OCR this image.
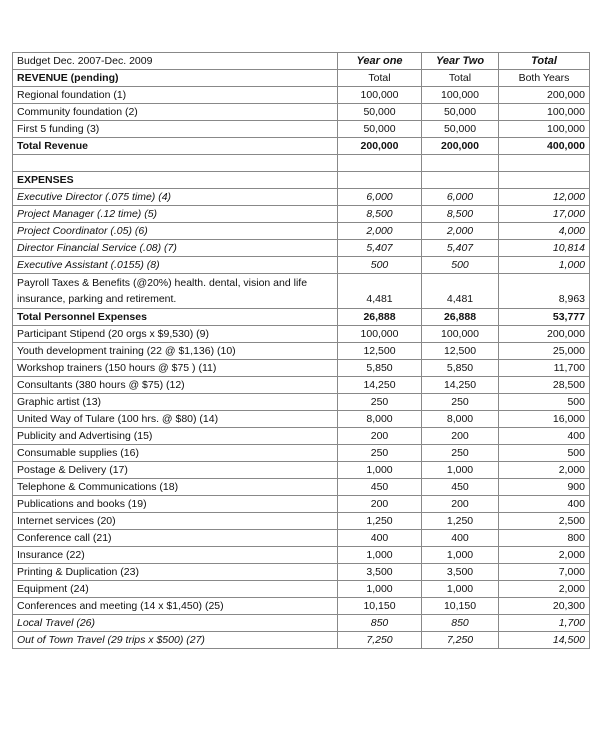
Budget Dec. 2007-Dec. 2009	Year one	Year Two	Total
REVENUE (pending)	Total	Total	Both Years
Regional foundation (1)	100,000	100,000	200,000
Community foundation (2)	50,000	50,000	100,000
First 5 funding (3)	50,000	50,000	100,000
Total Revenue	200,000	200,000	400,000

EXPENSES			
Executive Director (.075 time) (4)	6,000	6,000	12,000
Project Manager (.12 time) (5)	8,500	8,500	17,000
Project Coordinator (.05) (6)	2,000	2,000	4,000
Director Financial Service (.08) (7)	5,407	5,407	10,814
Executive Assistant (.0155) (8)	500	500	1,000
Payroll Taxes & Benefits (@20%) health. dental, vision and life insurance, parking and retirement.	4,481	4,481	8,963
Total Personnel Expenses	26,888	26,888	53,777
Participant Stipend (20 orgs x $9,530) (9)	100,000	100,000	200,000
Youth development training (22 @ $1,136) (10)	12,500	12,500	25,000
Workshop trainers (150 hours @ $75 ) (11)	5,850	5,850	11,700
Consultants (380 hours @ $75) (12)	14,250	14,250	28,500
Graphic artist (13)	250	250	500
United Way of Tulare (100 hrs. @ $80) (14)	8,000	8,000	16,000
Publicity and Advertising (15)	200	200	400
Consumable supplies (16)	250	250	500
Postage & Delivery (17)	1,000	1,000	2,000
Telephone & Communications (18)	450	450	900
Publications and books (19)	200	200	400
Internet services (20)	1,250	1,250	2,500
Conference call (21)	400	400	800
Insurance (22)	1,000	1,000	2,000
Printing & Duplication (23)	3,500	3,500	7,000
Equipment (24)	1,000	1,000	2,000
Conferences and meeting (14 x $1,450) (25)	10,150	10,150	20,300
Local Travel (26)	850	850	1,700
Out of Town Travel (29 trips x $500) (27)	7,250	7,250	14,500
